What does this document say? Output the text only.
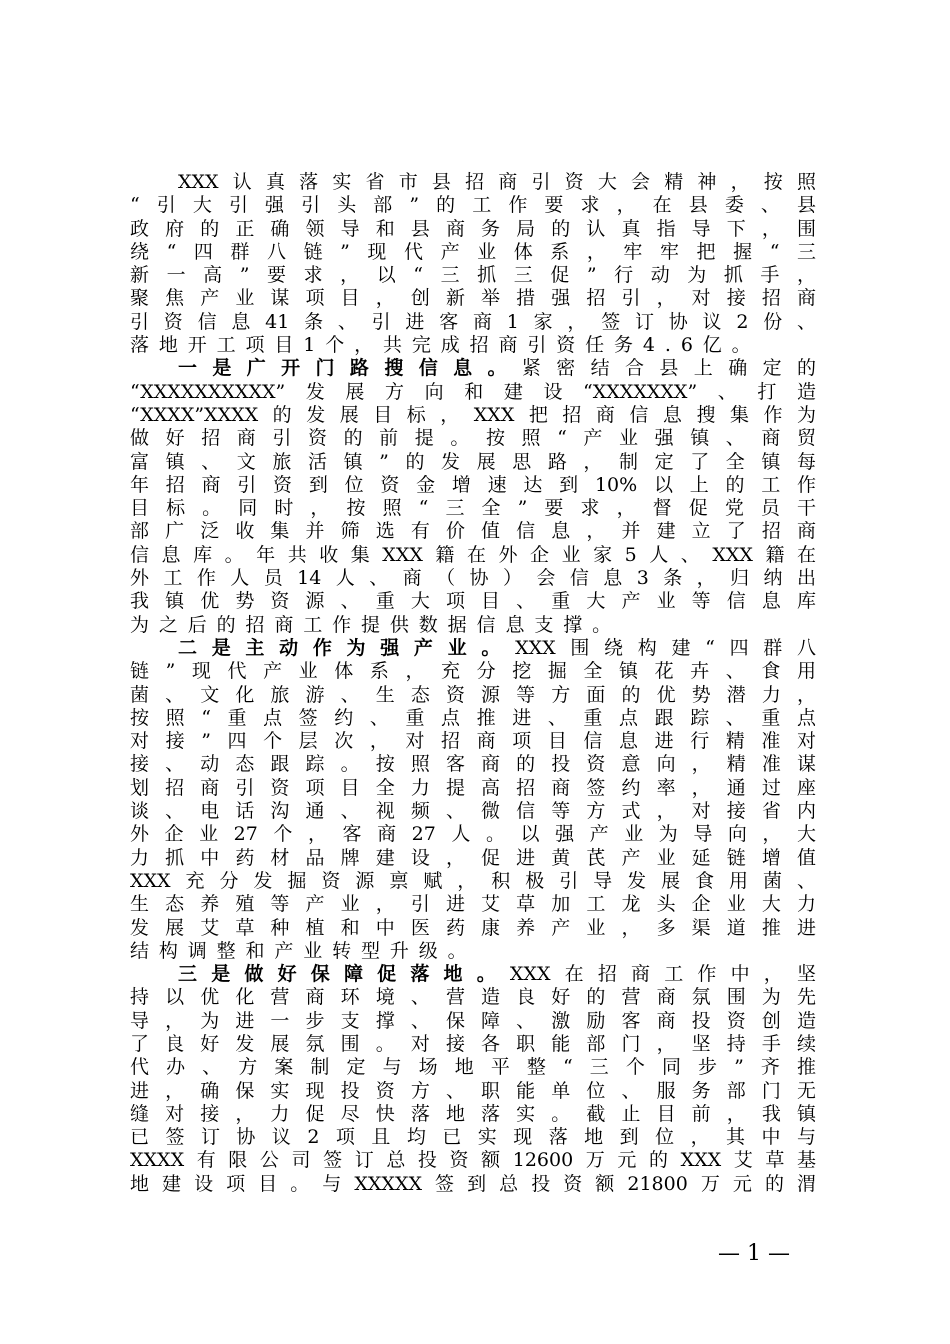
XXX认真落实省市县招商引资大会精神，按照
“引大引强引头部”的工作要求，在县委、县
政府的正确领导和县商务局的认真指导下，围
绕“四群八链”现代产业体系，牢牢把握“三
新一高”要求，以“三抓三促”行动为抓手，
聚焦产业谋项目，创新举措强招引，对接招商
引资信息41条、引进客商1家，签订协议2份、
落地开工项目1个，共完成招商引资任务4.6亿。
一是广开门路搜信息。紧密结合县上确定的
“XXXXXXXXXX”发展方向和建设“XXXXXXX”、打造
“XXXX”XXXX的发展目标，XXX把招商信息搜集作为
做好招商引资的前提。按照“产业强镇、商贸
富镇、文旅活镇”的发展思路，制定了全镇每
年招商引资到位资金增速达到10%以上的工作
目标。同时，按照“三全”要求，督促党员干
部广泛收集并筛选有价值信息，并建立了招商
信息库。年共收集XXX籍在外企业家5人、XXX籍在
外工作人员14人、商（协）会信息3条，归纳出
我镇优势资源、重大项目、重大产业等信息库
为之后的招商工作提供数据信息支撑。
二是主动作为强产业。XXX围绕构建“四群八
链”现代产业体系，充分挖掘全镇花卉、食用
菌、文化旅游、生态资源等方面的优势潜力，
按照“重点签约、重点推进、重点跟踪、重点
对接”四个层次，对招商项目信息进行精准对
接、动态跟踪。按照客商的投资意向，精准谋
划招商引资项目全力提高招商签约率，通过座
谈、电话沟通、视频、微信等方式，对接省内
外企业27个，客商27人。以强产业为导向，大
力抓中药材品牌建设，促进黄芪产业延链增值
XXX充分发掘资源禀赋，积极引导发展食用菌、
生态养殖等产业，引进艾草加工龙头企业大力
发展艾草种植和中医药康养产业，多渠道推进
结构调整和产业转型升级。
三是做好保障促落地。XXX在招商工作中，坚
持以优化营商环境、营造良好的营商氛围为先
导，为进一步支撑、保障、激励客商投资创造
了良好发展氛围。对接各职能部门，坚持手续
代办、方案制定与场地平整“三个同步”齐推
进，确保实现投资方、职能单位、服务部门无
缝对接，力促尽快落地落实。截止目前，我镇
已签订协议2项且均已实现落地到位，其中与
XXXX有限公司签订总投资额12600万元的XXX艾草基
地建设项目。与XXXXX签到总投资额21800万元的渭
— 1 —
